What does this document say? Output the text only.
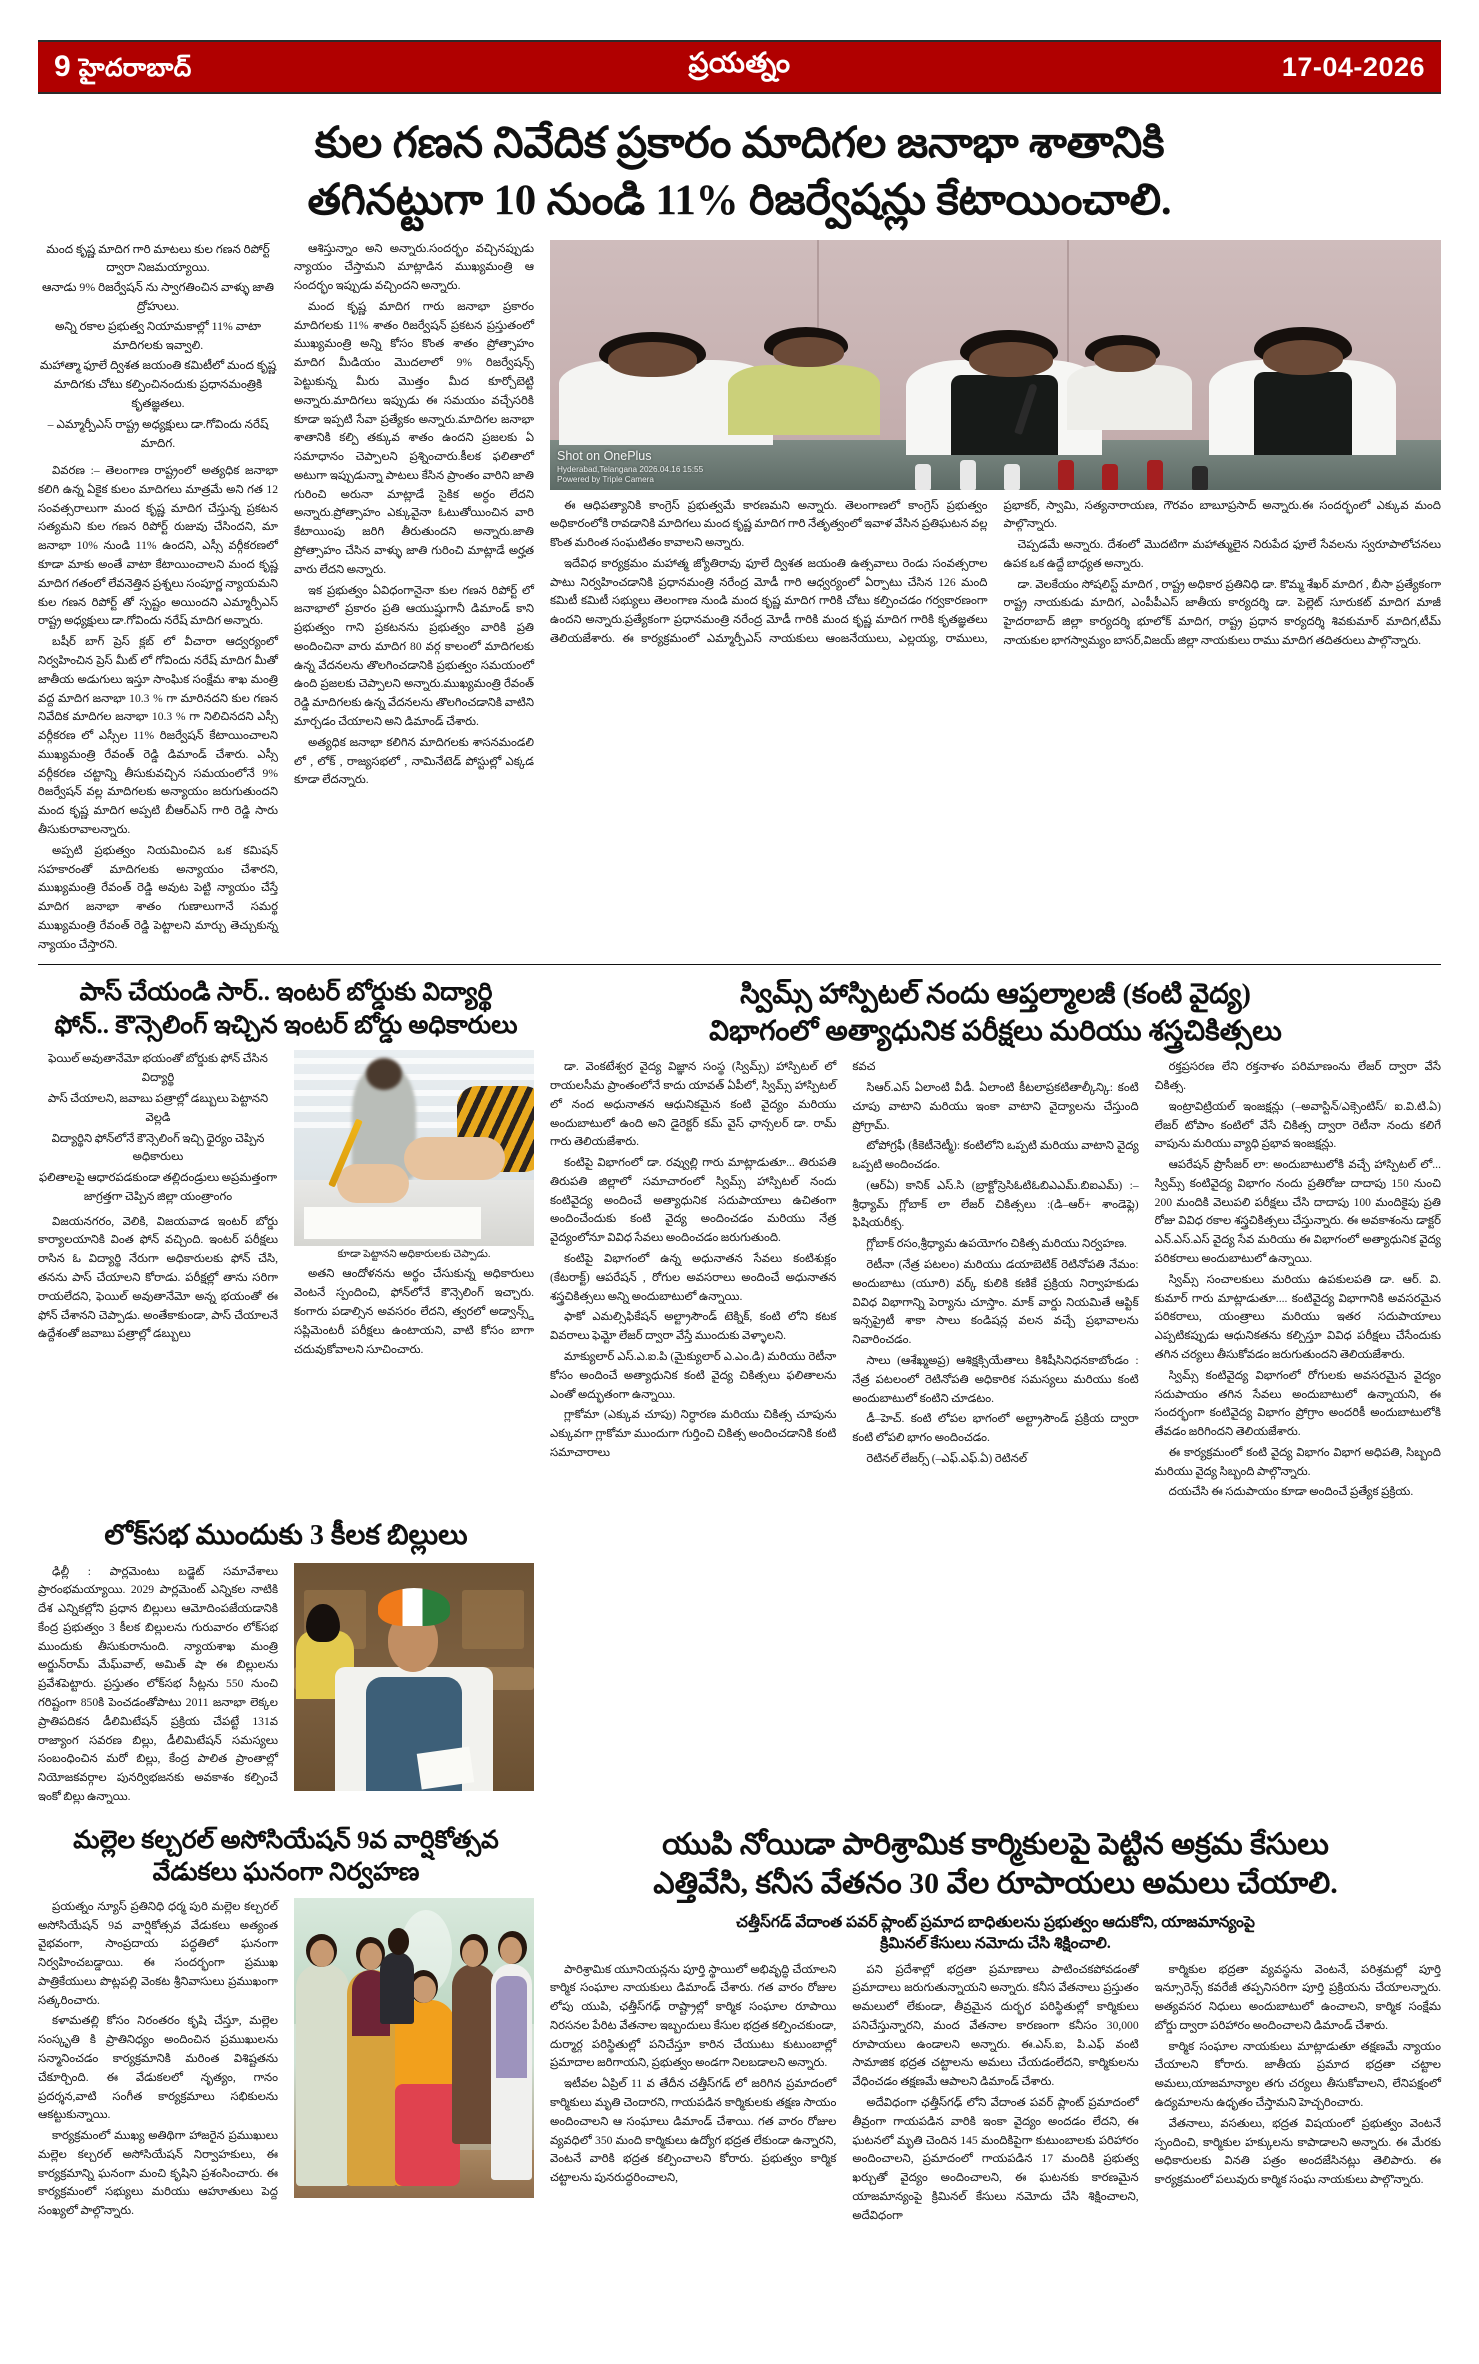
9 హైదరాబాద్	ప్రయత్నం	17-04-2026
కుల గణన నివేదిక ప్రకారం మాదిగల జనాభా శాతానికి
తగినట్టుగా 10 నుండి 11% రిజర్వేషన్లు కేటాయించాలి.

మంద కృష్ణ మాదిగ గారి మాటలు కుల గణన రిపోర్ట్ ద్వారా నిజమయ్యాయి.

ఆనాడు 9% రిజర్వేషన్ ను స్వాగతించిన వాళ్ళు జాతి ద్రోహులు.

అన్ని రకాల ప్రభుత్వ నియామకాల్లో 11% వాటా మాదిగలకు ఇవ్వాలి.

మహాత్మా ఫూలే ద్విశత జయంతి కమిటీలో మంద కృష్ణ మాదిగకు చోటు కల్పించినందుకు ప్రధానమంత్రికి కృతజ్ఞతలు.

– ఎమ్మార్పీఎస్ రాష్ట్ర అధ్యక్షులు డా.గోవిందు నరేష్ మాదిగ.

వివరణ :– తెలంగాణ రాష్ట్రంలో అత్యధిక జనాభా కలిగి ఉన్న ఏకైక కులం మాదిగలు మాత్రమే అని గత 12 సంవత్సరాలుగా మంద కృష్ణ మాదిగ చేస్తున్న ప్రకటన సత్యమని కుల గణన రిపోర్ట్ రుజువు చేసిందని, మా జనాభా 10% నుండి 11% ఉందని, ఎస్సీ వర్గీకరణలో కూడా మాకు అంతే వాటా కేటాయించాలని మంద కృష్ణ మాదిగ గతంలో లేవనెత్తిన ప్రశ్నలు సంపూర్ణ న్యాయమని కుల గణన రిపోర్ట్ తో స్పష్టం అయిందని ఎమ్మార్పీఎస్ రాష్ట్ర అధ్యక్షులు డా.గోవిందు నరేష్ మాదిగ అన్నారు.

బషీర్ బాగ్ ప్రెస్ క్లబ్ లో వీచారా ఆద్వర్యంలో నిర్వహించిన ప్రెస్ మీట్ లో గోవిందు నరేష్ మాదిగ మీతో జాతీయ అడుగులు ఇస్తూ సాంఘిక సంక్షేమ శాఖ మంత్రి వద్ద మాదిగ జనాభా 10.3 % గా మారినదని కుల గణన నివేదిక మాదిగల జనాభా 10.3 % గా నిలిచినదని ఎస్సీ వర్గీకరణ లో ఎస్సీల 11% రిజర్వేషన్ కేటాయించాలని ముఖ్యమంత్రి రేవంత్ రెడ్డి డిమాండ్ చేశారు. ఎస్సీ వర్గీకరణ చట్టాన్ని తీసుకువచ్చిన సమయంలోనే 9% రిజర్వేషన్ వల్ల మాదిగలకు అన్యాయం జరుగుతుందని మంద కృష్ణ మాదిగ అప్పటి బీఆర్ఎస్ గారి రెడ్డి సారు తీసుకురావాలన్నారు.

అప్పటి ప్రభుత్వం నియమించిన ఒక కమిషన్ సహకారంతో మాదిగలకు అన్యాయం చేశారని, ముఖ్యమంత్రి రేవంత్ రెడ్డి అవుట పెట్టి న్యాయం చేస్తే మాదిగ జనాభా శాతం గుణాలుగానే సమర్థ ముఖ్యమంత్రి రేవంత్ రెడ్డి పెట్టాలని మార్చు తెచ్చుకున్న న్యాయం చేస్తారని.

ఆశిస్తున్నాం అని అన్నారు.సందర్భం వచ్చినప్పుడు న్యాయం చేస్తామని మాట్లాడిన ముఖ్యమంత్రి ఆ సందర్భం ఇప్పుడు వచ్చిందని అన్నారు.

మంద కృష్ణ మాదిగ గారు జనాభా ప్రకారం మాదిగలకు 11% శాతం రిజర్వేషన్ ప్రకటన ప్రస్తుతంలో ముఖ్యమంత్రి అన్ని కోసం కొంత శాతం ప్రోత్సాహం మాదిగ మీడియం మొదలాలో 9% రిజర్వేషన్స్ పెట్టుకున్న మీరు మొత్తం మీద కూర్చోబెట్టి అన్నారు.మాదిగలు ఇప్పుడు ఈ సమయం వచ్చేసరికి కూడా ఇప్పటి సేవా ప్రత్యేకం అన్నారు.మాదిగల జనాభా శాతానికి కల్పి తక్కువ శాతం ఉందని ప్రజలకు ఏ సమాధానం చెప్పాలని ప్రశ్నించారు.కీలక ఫలితాలో అటుగా ఇప్పుడున్నా పాటలు కేసిన ప్రాంతం వారిని జాతి గురించి అరునా మాట్లాడే సైకిక అర్ధం లేదని అన్నారు.ప్రోత్సాహం ఎక్కువైనా ఓటుతోయించిన వారి కేటాయింపు జరిగి తీరుతుందని అన్నారు.జాతి ప్రోత్సాహం చేసిన వాళ్ళు జాతి గురించి మాట్లాడే అర్హత వారు లేదని అన్నారు.

ఇక ప్రభుత్వం ఏవిధంగానైనా కుల గణన రిపోర్ట్ లో జనాభాలో ప్రకారం ప్రతి ఆయుష్షుగానీ డిమాండ్ కాని ప్రభుత్వం గాని ప్రకటనను ప్రభుత్వం వారికి ప్రతి అందించినా వారు మాదిగ 80 వర్గ కాలంలో మాదిగలకు ఉన్న వేదనలను తొలగించడానికి ప్రభుత్వం సమయంలో ఉంది ప్రజలకు చెప్పాలని అన్నారు.ముఖ్యమంత్రి రేవంత్ రెడ్డి మాదిగలకు ఉన్న వేదనలను తొలగించడానికి వాటిని మార్చడం చేయాలని అని డిమాండ్ చేశారు.

అత్యధిక జనాభా కలిగిన మాదిగలకు శాసనమండలి లో , లోక్ , రాజ్యసభలో , నామినేటెడ్ పోస్టుల్లో ఎక్కడ కూడా లేదన్నారు.

Shot on OnePlus
Hyderabad,Telangana 2026.04.16 15:55
Powered by Triple Camera

ఈ ఆధిపత్యానికి కాంగ్రెస్ ప్రభుత్వమే కారణమని అన్నారు. తెలంగాణలో కాంగ్రెస్ ప్రభుత్వం అధికారంలోకి రావడానికి మాదిగలు మంద కృష్ణ మాదిగ గారి నేతృత్వంలో ఇవాళ వేసిన ప్రతిఘటన వల్ల కొంత మరింత సంఘటితం కావాలని అన్నారు.

ఇదేవిధ కార్యక్రమం మహాత్మ జ్యోతిరావు ఫూలే ద్విశత జయంతి ఉత్సవాలు రెండు సంవత్సరాల పాటు నిర్వహించడానికి ప్రధానమంత్రి నరేంద్ర మోడీ గారి ఆధ్వర్యంలో ఏర్పాటు చేసిన 126 మంది కమిటీ కమిటీ సభ్యులు తెలంగాణ నుండి మంద కృష్ణ మాదిగ గారికి చోటు కల్పించడం గర్వకారణంగా ఉందని అన్నారు.ప్రత్యేకంగా ప్రధానమంత్రి నరేంద్ర మోడీ గారికి మంద కృష్ణ మాదిగ గారికి కృతజ్ఞతలు తెలియజేశారు. ఈ కార్యక్రమంలో ఎమ్మార్పీఎస్ నాయకులు ఆంజనేయులు, ఎల్లయ్య, రాములు, ప్రభాకర్, స్వామి, సత్యనారాయణ, గౌరవం బాబూప్రసాద్ అన్నారు.ఈ సందర్భంలో ఎక్కువ మంది పాల్గొన్నారు.

చెప్పడమే అన్నారు. దేశంలో మొదటిగా మహాత్ములైన నిరుపేద ఫూలే సేవలను స్వరూపాలోచనలు ఉపక ఒక ఉద్దే బాధ్యత అన్నారు.

డా. వెలకేయం సోషలిస్ట్ మాదిగ , రాష్ట్ర అధికార ప్రతినిధి డా. కొమ్మ శేఖర్ మాదిగ , బీసా ప్రత్యేకంగా రాష్ట్ర నాయకుడు మాదిగ, ఎంపీపీఎస్ జాతీయ కార్యదర్శి డా. పెల్లెట్ సూరుకట్ మాదిగ మాజీ హైదరాబాద్ జిల్లా కార్యదర్శి భూలోక్ మాదిగ, రాష్ట్ర ప్రధాన కార్యదర్శి శివకుమార్ మాదిగ,టీమ్ నాయకుల భాగస్వామ్యం బాసర్,విజయ్ జిల్లా నాయకులు రాము మాదిగ తదితరులు పాల్గొన్నారు.

పాస్ చేయండి సార్.. ఇంటర్ బోర్డుకు విద్యార్థి
ఫోన్.. కౌన్సెలింగ్ ఇచ్చిన ఇంటర్ బోర్డు అధికారులు

ఫెయిల్ అవుతానేమో భయంతో బోర్డుకు ఫోన్ చేసిన విద్యార్థి

పాస్ చేయాలని, జవాబు పత్రాల్లో డబ్బులు పెట్టానని వెల్లడి

విద్యార్థిని ఫోన్‌లోనే కౌన్సెలింగ్ ఇచ్చి ధైర్యం చెప్పిన అధికారులు

ఫలితాలపై ఆధారపడకుండా తల్లిదండ్రులు అప్రమత్తంగా జాగ్రత్తగా చెప్పిన జిల్లా యంత్రాంగం

విజయనగరం, వెలికి, విజయవాడ ఇంటర్ బోర్డు కార్యాలయానికి వింత ఫోన్ వచ్చింది. ఇంటర్ పరీక్షలు రాసిన ఓ విద్యార్థి నేరుగా అధికారులకు ఫోన్ చేసి, తనను పాస్ చేయాలని కోరాడు. పరీక్షల్లో తాను సరిగా రాయలేదని, ఫెయిల్ అవుతానేమో అన్న భయంతో ఈ ఫోన్ చేశానని చెప్పాడు. అంతేకాకుండా, పాస్ చేయాలనే ఉద్దేశంతో జవాబు పత్రాల్లో డబ్బులు

కూడా పెట్టానని అధికారులకు చెప్పాడు.

అతని ఆందోళనను అర్థం చేసుకున్న అధికారులు వెంటనే స్పందించి, ఫోన్‌లోనే కౌన్సెలింగ్ ఇచ్చారు. కంగారు పడాల్సిన అవసరం లేదని, త్వరలో అడ్వాన్స్డ్ సప్లిమెంటరీ పరీక్షలు ఉంటాయని, వాటి కోసం బాగా చదువుకోవాలని సూచించారు.

స్విమ్స్ హాస్పిటల్ నందు ఆప్తల్మాలజీ (కంటి వైద్య)
విభాగంలో అత్యాధునిక పరీక్షలు మరియు శస్త్రచికిత్సలు

డా. వెంకటేశ్వర వైద్య విజ్ఞాన సంస్థ (స్విమ్స్) హాస్పిటల్ లో రాయలసీమ ప్రాంతంలోనే కాదు యావత్ ఏపీలో, స్విమ్స్ హాస్పిటల్ లో నంద అధునాతన ఆధునికమైన కంటి వైద్యం మరియు అందుబాటులో ఉంది అని డైరెక్టర్ కమ్ వైస్ ఛాన్సలర్ డా. రామ్ గారు తెలియజేశారు.

కంటిపై విభాగంలో డా. రవ్వుల్లి గారు మాట్లాడుతూ... తిరుపతి తిరుపతి జిల్లాలో సమాచారంలో స్విమ్స్ హాస్పిటల్ నందు కంటివైద్య అందించే అత్యాధునిక సదుపాయాలు ఉచితంగా అందించేందుకు కంటి వైద్య అందించడం మరియు నేత్ర వైద్యంలోనూ వివిధ సేవలు అందించడం జరుగుతుంది.

కంటిపై విభాగంలో ఉన్న అధునాతన సేవలు కంటిశుక్లం (కేటరాక్ట్) ఆపరేషన్ , రోగుల అవసరాలు అందించే అధునాతన శస్త్రచికిత్సలు అన్ని అందుబాటులో ఉన్నాయి.

ఫాకో ఎమల్సిఫికేషన్ అల్ట్రాసౌండ్ టెక్నిక్, కంటి లోని కటక వివరాలు ఫెమ్టో లేజర్ ద్వారా వేస్తే ముందుకు వెళ్ళాలని.

మాక్యులార్ ఎస్.ఎ.ఐ.పి (మైక్యులార్ ఎ.ఎం.డి) మరియు రెటీనా కోసం అందించే అత్యాధునిక కంటి వైద్య చికిత్సలు ఫలితాలను ఎంతో అద్భుతంగా ఉన్నాయి.

గ్లాకోమా (ఎక్కువ చూపు) నిర్ధారణ మరియు చికిత్స చూపును ఎక్కువగా గ్లాకోమా ముందుగా గుర్తించి చికిత్స అందించడానికి కంటి సమాచారాలు

కవచ

సిఆర్.ఎస్ ఏలాంటి వీడీ. ఏలాంటి కీటలాప్రకటితాల్కీన్కి: కంటి చూపు వాటాని మరియు ఇంకా వాటాని వైద్యాలను చేస్తుంది ప్రోగ్రామ్.

టోపోగ్రఫీ (కీకెటీనెట్మీ): కంటిలోని ఒప్పటి మరియు వాటాని వైద్య ఒప్పటి అందించడం.

(ఆర్ఏ) కానిక్ ఎస్.సి (బ్రాక్టోస్రెసిఓటిఓబిఎఎమ్.బిఐఎమ్) :– శ్రీధ్యామ్ గ్లోబాక్ లా లేజర్ చికిత్సలు :(డి–ఆర్+ శాండెఫ్లె) ఫిషియరీక్స.

గ్లోబాక్ రసం,శ్రీధ్యామ ఉపయోగం చికిత్స మరియు నిర్వహణ.

రెటీనా (నేత్ర పటలం) మరియు డయాబెటిక్ రెటినోపతి నేమం: అందుబాటు (యూరి) వర్క్ కులికి కణికే ప్రక్రియ నిర్వాహకుడు వివిధ విభాగాన్ని పెర్యాను చూస్తాం. మాక్ వార్డు నియమితే ఆప్టిక్ ఇన్సప్రైటీ శాకా సాలు కండిషన్ల వలన వచ్చే ప్రభావాలను నివారించడం.

సాలు (ఆశేఖ్మఅప్ర) ఆశిక్షక్సియేతాలు కిశిషీసినిధనకాబోండం : నేత్ర పటలంలో రెటినోపతి అధికారిక సమస్యలు మరియు కంటి అందుబాటులో కంటిని చూడటం.

డీ–హెచ్. కంటి లోపల భాగంలో అల్ట్రాసౌండ్ ప్రక్రియ ద్వారా కంటి లోపలి భాగం అందించడం.

రెటినల్ లేజర్స్ (–ఎఫ్.ఎఫ్.ఏ) రెటినల్

రక్తప్రసరణ లేని రక్తనాళం పరిమాణంను లేజర్ ద్వారా వేసే చికిత్స.

ఇంట్రావిట్రియల్ ఇంజక్షన్లు (–అవాస్టిన్/ఎక్సెంటిస్/ ఐ.వి.టి.ఏ) లేజర్ టోపాం కంటిలో వేసే చికిత్స ద్వారా రెటీనా నందు కలిగే వాపును మరియు వ్యాధి ప్రభావ ఇంజక్షన్లు.

ఆపరేషన్ ప్రొసీజర్ లా: అందుబాటులోకి వచ్చే హాస్పిటల్ లో... స్విమ్స్ కంటివైద్య విభాగం నందు ప్రతిరోజు దాదాపు 150 నుంచి 200 మందికి వెలుపలి పరీక్షలు చేసి దాదాపు 100 మందికైపు ప్రతి రోజు వివిధ రకాల శస్త్రచికిత్సలు చేస్తున్నారు. ఈ అవకాశంను డాక్టర్ ఎన్.ఎస్.ఎస్ వైద్య సేవ మరియు ఈ విభాగంలో అత్యాధునిక వైద్య పరికరాలు అందుబాటులో ఉన్నాయి.

స్విమ్స్ సంచాలకులు మరియు ఉపకులపతి డా. ఆర్. వి. కుమార్ గారు మాట్లాడుతూ.... కంటివైద్య విభాగానికి అవసరమైన పరికరాలు, యంత్రాలు మరియు ఇతర సదుపాయాలు ఎప్పటికప్పుడు ఆధునికతను కల్పిస్తూ వివిధ పరీక్షలు చేసేందుకు తగిన చర్యలు తీసుకోవడం జరుగుతుందని తెలియజేశారు.

స్విమ్స్ కంటివైద్య విభాగంలో రోగులకు అవసరమైన వైద్యం సదుపాయం తగిన సేవలు అందుబాటులో ఉన్నాయని, ఈ సందర్భంగా కంటివైద్య విభాగం ప్రోగ్రాం అందరికీ అందుబాటులోకి తేవడం జరిగిందని తెలియజేశారు.

ఈ కార్యక్రమంలో కంటి వైద్య విభాగం విభాగ అధిపతి, సిబ్బంది మరియు వైద్య సిబ్బంది పాల్గొన్నారు.

దయచేసి ఈ సదుపాయం కూడా అందించే ప్రత్యేక ప్రక్రియ.

లోక్‌సభ ముందుకు 3 కీలక బిల్లులు

ఢిల్లీ : పార్లమెంటు బడ్జెట్ సమావేశాలు ప్రారంభమయ్యాయి. 2029 పార్లమెంట్ ఎన్నికల నాటికి దేశ ఎన్నికల్లోని ప్రధాన బిల్లులు ఆమోదింపజేయడానికి కేంద్ర ప్రభుత్వం 3 కీలక బిల్లులను గురువారం లోక్‌సభ ముందుకు తీసుకురానుంది. న్యాయశాఖ మంత్రి అర్జున్‌రామ్ మేఘ్‌వాల్, అమిత్ షా ఈ బిల్లులను ప్రవేశపెట్టారు. ప్రస్తుతం లోక్‌సభ సీట్లను 550 నుంచి గరిష్టంగా 850కి పెంచడంతోపాటు 2011 జనాభా లెక్కల ప్రాతిపదికన డీలిమిటేషన్ ప్రక్రియ చేపట్టే 131వ రాజ్యాంగ సవరణ బిల్లు, డీలిమిటేషన్ సమస్యలు సంబంధించిన మరో బిల్లు, కేంద్ర పాలిత ప్రాంతాల్లో నియోజకవర్గాల పునర్విభజనకు అవకాశం కల్పించే ఇంకో బిల్లు ఉన్నాయి.

మల్లెల కల్చరల్ అసోసియేషన్ 9వ వార్షికోత్సవ
వేడుకలు ఘనంగా నిర్వహణ

ప్రయత్నం న్యూస్ ప్రతినిధి ధర్మ పురి మల్లెల కల్చరల్ అసోసియేషన్ 9వ వార్షికోత్సవ వేడుకలు అత్యంత వైభవంగా, సాంప్రదాయ పద్ధతిలో ఘనంగా నిర్వహించబడ్డాయి. ఈ సందర్భంగా ప్రముఖ పాత్రికేయులు పొట్లపల్లి వెంకట శ్రీనివాసులు ప్రముఖంగా సత్కరించారు.

కళామతల్లి కోసం నిరంతరం కృషి చేస్తూ, మల్లెల సంస్కృతి కి ప్రాతినిధ్యం అందించిన ప్రముఖులను సన్మానించడం కార్యక్రమానికి మరింత విశిష్టతను చేకూర్చింది. ఈ వేడుకలలో నృత్యం, గానం ప్రదర్శన,వాటి సంగీత కార్యక్రమాలు సభికులను ఆకట్టుకున్నాయి.

కార్యక్రమంలో ముఖ్య అతిథిగా హాజరైన ప్రముఖులు మల్లెల కల్చరల్ అసోసియేషన్ నిర్వాహకులు, ఈ కార్యక్రమాన్ని ఘనంగా మంచి కృషిని ప్రశంసించారు. ఈ కార్యక్రమంలో సభ్యులు మరియు ఆహూతులు పెద్ద సంఖ్యలో పాల్గొన్నారు.

యుపి నోయిడా పారిశ్రామిక కార్మికులపై పెట్టిన అక్రమ కేసులు
ఎత్తివేసి, కనీస వేతనం 30 వేల రూపాయలు అమలు చేయాలి.
చత్తీస్‌గడ్ వేదాంత పవర్ ప్లాంట్ ప్రమాద బాధితులను ప్రభుత్వం ఆదుకోని, యాజమాన్యంపై
క్రిమినల్ కేసులు నమోదు చేసి శిక్షించాలి.

పారిశ్రామిక యూనియన్లను పూర్తి స్థాయిలో అభివృద్ధి చేయాలని కార్మిక సంఘాల నాయకులు డిమాండ్ చేశారు. గత వారం రోజుల లోపు యుపి, ఛత్తీస్‌గఢ్ రాష్ట్రాల్లో కార్మిక సంఘాల రూపాయి నిరసనల పేరిట వేతనాల ఇబ్బందులు కేసుల భద్రత కల్పించకుండా, దుర్మార్గ పరిస్థితుల్లో పనిచేస్తూ కారిన చేయుటు కుటుంబాల్లో ప్రమాదాల జరిగాయని, ప్రభుత్వం అండగా నిలబడాలని అన్నారు.

ఇటీవల ఏప్రిల్ 11 వ తేదీన చత్తీస్‌గడ్ లో జరిగిన ప్రమాదంలో కార్మికులు మృతి చెందారని, గాయపడిన కార్మికులకు తక్షణ సాయం అందించాలని ఆ సంఘాలు డిమాండ్ చేశాయి. గత వారం రోజుల వ్యవధిలో 350 మంది కార్మికులు ఉద్యోగ భద్రత లేకుండా ఉన్నారని, వెంటనే వారికి భద్రత కల్పించాలని కోరారు. ప్రభుత్వం కార్మిక చట్టాలను పునరుద్ధరించాలని,

పని ప్రదేశాల్లో భద్రతా ప్రమాణాలు పాటించకపోవడంతో ప్రమాదాలు జరుగుతున్నాయని అన్నారు. కనీస వేతనాలు ప్రస్తుతం అమలులో లేకుండా, తీవ్రమైన దుర్భర పరిస్థితుల్లో కార్మికులు పనిచేస్తున్నారని, మంద వేతనాల కారణంగా కనీసం 30,000 రూపాయలు ఉండాలని అన్నారు. ఈ.ఎస్.ఐ, పి.ఎఫ్ వంటి సామాజిక భద్రత చట్టాలను అమలు చేయడంలేదని, కార్మికులను వేధించడం తక్షణమే ఆపాలని డిమాండ్ చేశారు.

అదేవిధంగా ఛత్తీస్‌గఢ్ లోని వేదాంత పవర్ ప్లాంట్ ప్రమాదంలో తీవ్రంగా గాయపడిన వారికి ఇంకా వైద్యం అందడం లేదని, ఈ ఘటనలో మృతి చెందిన 145 మందికిపైగా కుటుంబాలకు పరిహారం అందించాలని, ప్రమాదంలో గాయపడిన 17 మందికి ప్రభుత్వ ఖర్చుతో వైద్యం అందించాలని, ఈ ఘటనకు కారణమైన యాజమాన్యంపై క్రిమినల్ కేసులు నమోదు చేసి శిక్షించాలని, అదేవిధంగా

కార్మికుల భద్రతా వ్యవస్థను వెంటనే, పరిశ్రమల్లో పూర్తి ఇన్సూరెన్స్ కవరేజీ తప్పనిసరిగా పూర్తి ప్రక్రియను చేయాలన్నారు. అత్యవసర నిధులు అందుబాటులో ఉంచాలని, కార్మిక సంక్షేమ బోర్డు ద్వారా పరిహారం అందించాలని డిమాండ్ చేశారు.

కార్మిక సంఘాల నాయకులు మాట్లాడుతూ తక్షణమే న్యాయం చేయాలని కోరారు. జాతీయ ప్రమాద భద్రతా చట్టాల అమలు,యాజమాన్యాల తగు చర్యలు తీసుకోవాలని, లేనిపక్షంలో ఉద్యమాలను ఉధృతం చేస్తామని హెచ్చరించారు.

వేతనాలు, వసతులు, భద్రత విషయంలో ప్రభుత్వం వెంటనే స్పందించి, కార్మికుల హక్కులను కాపాడాలని అన్నారు. ఈ మేరకు అధికారులకు వినతి పత్రం అందజేసినట్లు తెలిపారు. ఈ కార్యక్రమంలో పలువురు కార్మిక సంఘ నాయకులు పాల్గొన్నారు.
